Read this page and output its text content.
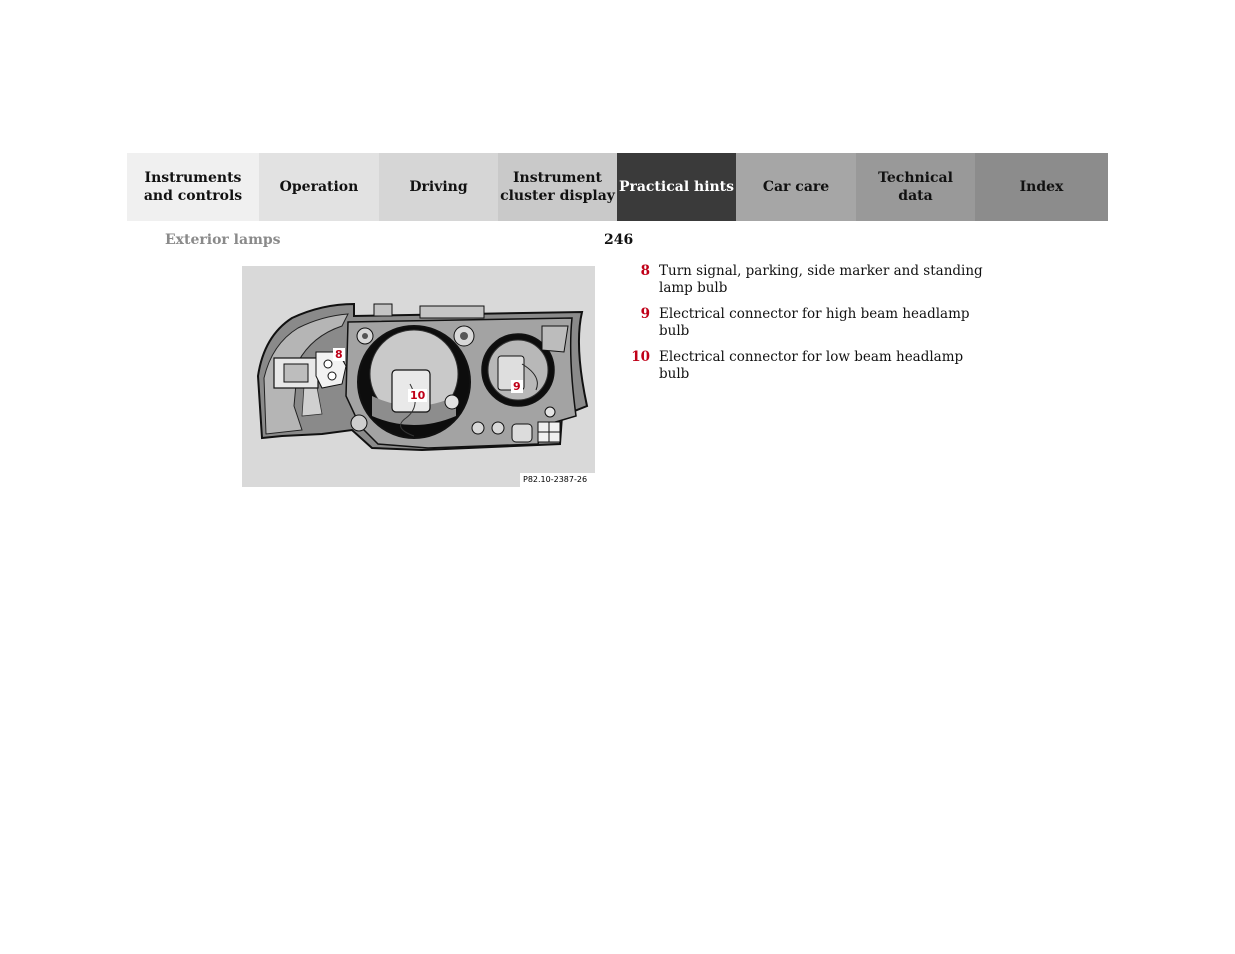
Instruments
and controls
Operation	Driving
Instrument
cluster display
Practical hints	Car care
Technical
data
Index
Exterior lamps	246
8
10
9
P82.10-2387-26
8 Turn signal, parking, side marker and standing lamp bulb
9 Electrical connector for high beam headlamp bulb
10 Electrical connector for low beam headlamp bulb
